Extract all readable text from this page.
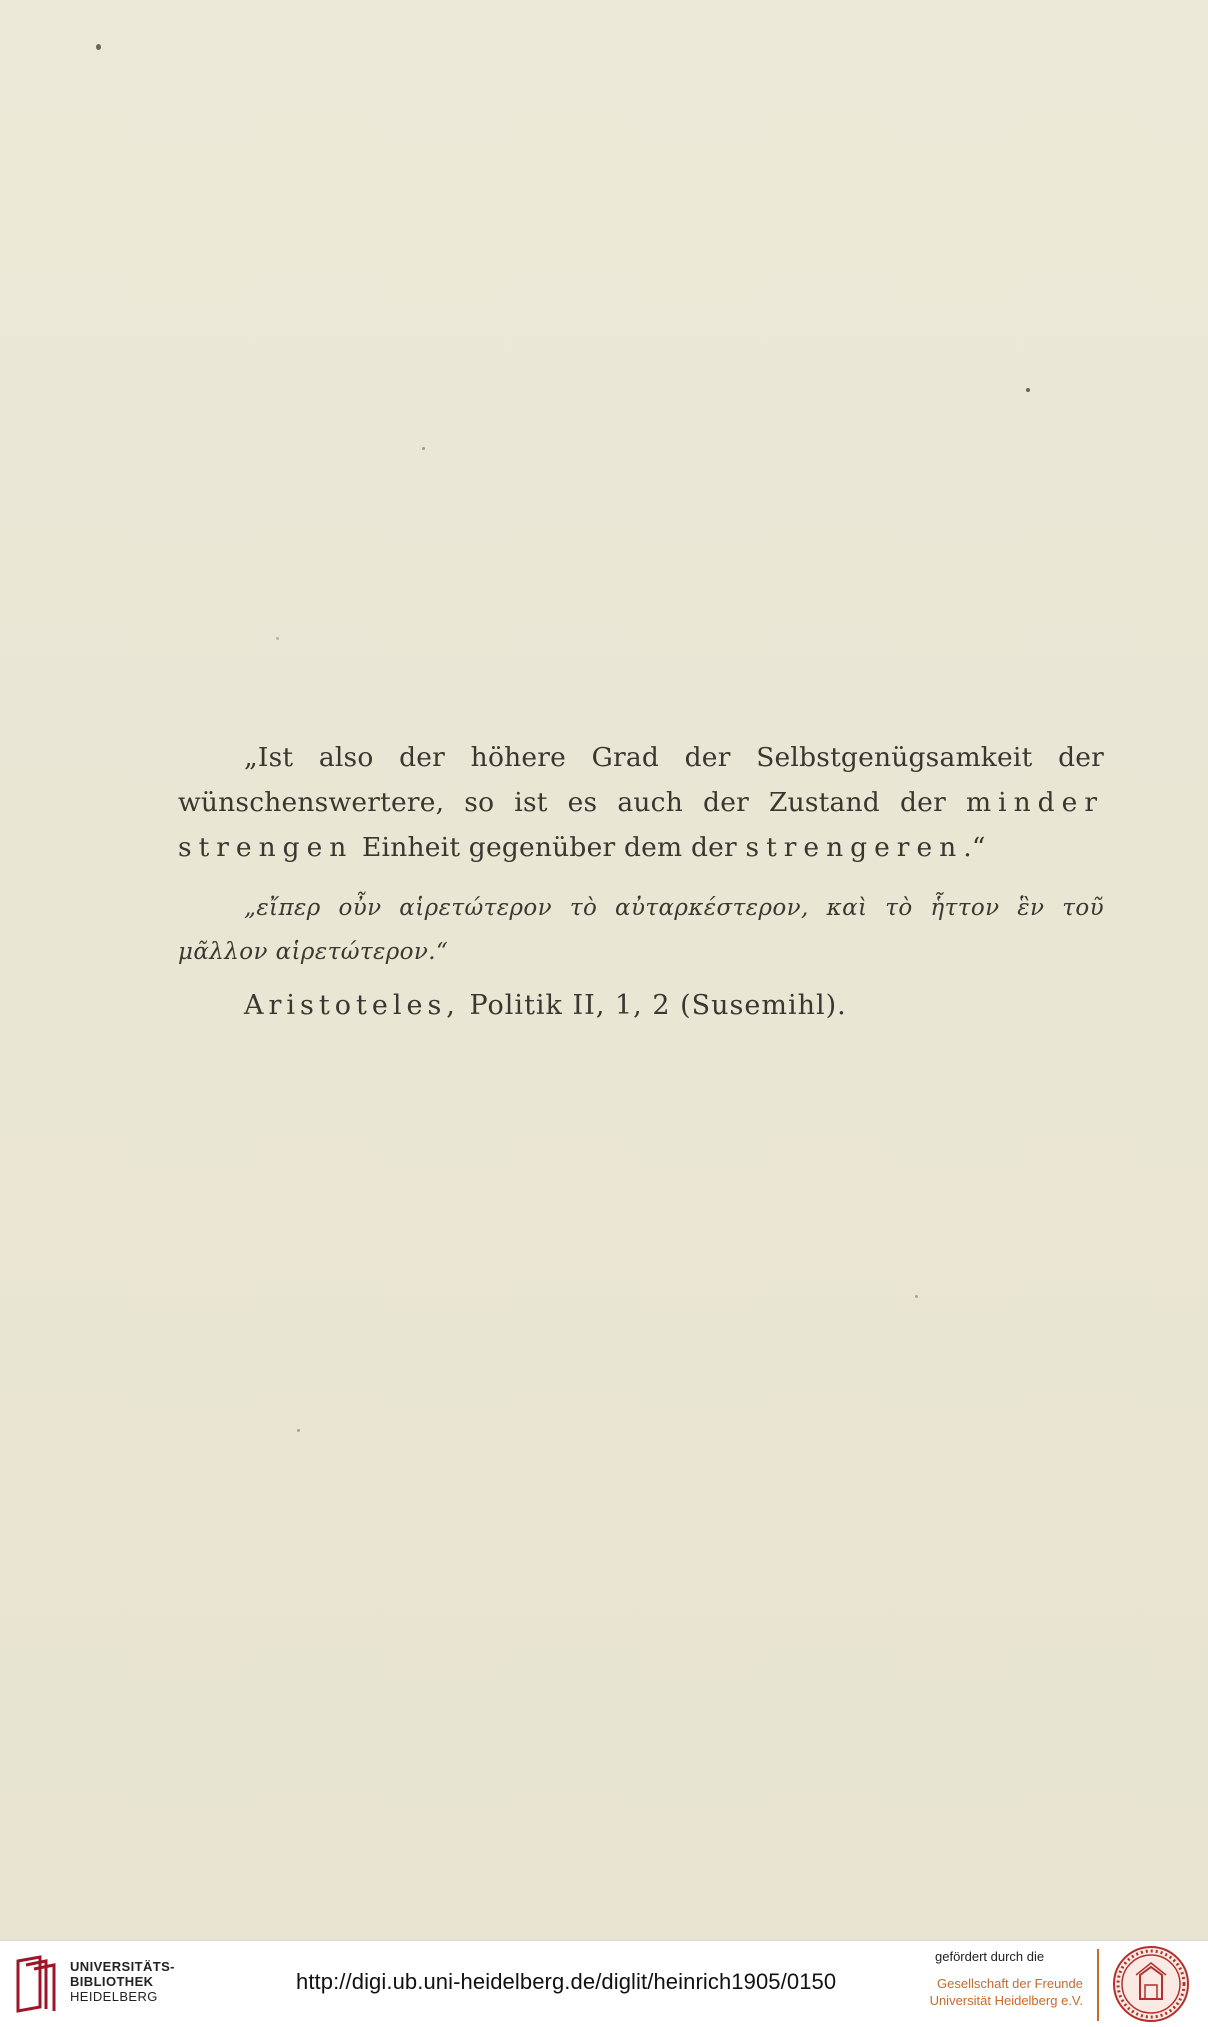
„Ist also der höhere Grad der Selbstgenügsamkeit der wünschenswertere, so ist es auch der Zustand der minder strengen Einheit gegenüber dem der strengeren.“

„εἴπερ οὖν αἱρετώτερον τὸ αὐταρκέστερον, καὶ τὸ ἧττον ἓν τοῦ μᾶλλον αἱρετώτερον.“

Aristoteles, Politik II, 1, 2 (Susemihl).

UNIVERSITÄTS-
BIBLIOTHEK
HEIDELBERG
http://digi.ub.uni-heidelberg.de/diglit/heinrich1905/0150
gefördert durch die
Gesellschaft der Freunde
Universität Heidelberg e.V.
